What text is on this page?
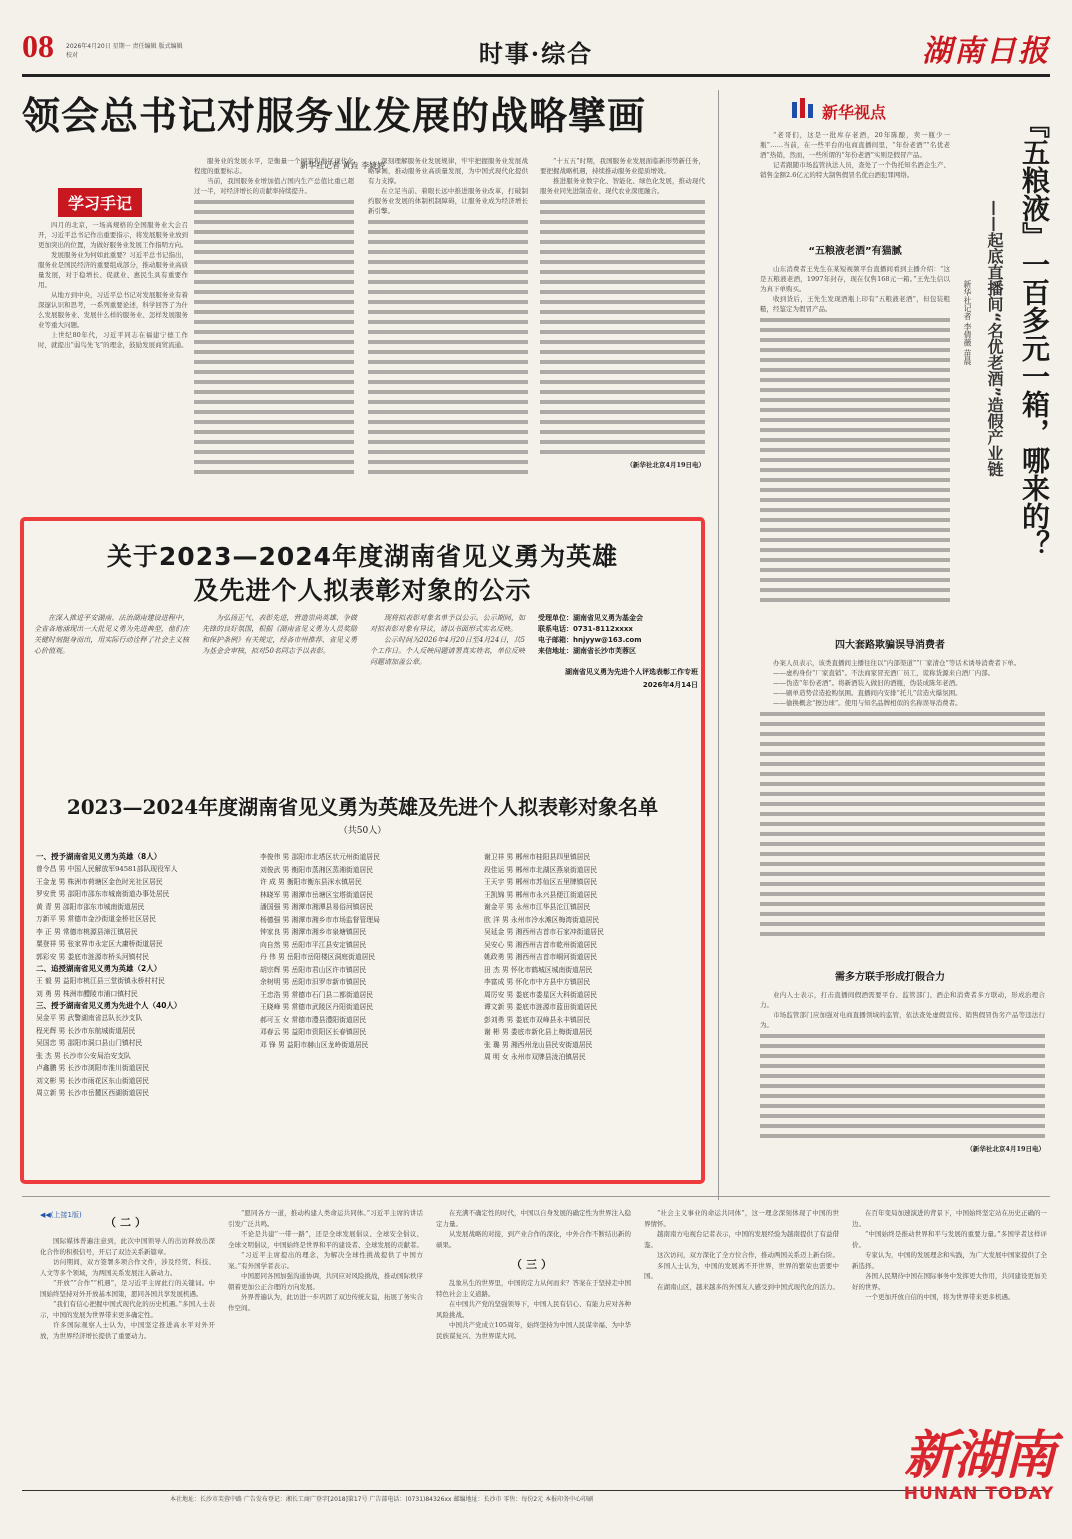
08 2026年4月20日 星期一 责任编辑 版式编辑 校对	时事·综合	湖南日报
领会总书记对服务业发展的战略擘画
新华社记者 黄垚 李婕婷
学习手记

四月的北京，一场高规格的全国服务业大会召开，习近平总书记作出重要指示，将发展服务业放到更加突出的位置，为做好服务业发展工作指明方向。

发展服务业为何如此重要？习近平总书记指出，服务业是国民经济的重要组成部分，推动服务业高质量发展，对于稳增长、促就业、惠民生具有重要作用。

从地方到中央，习近平总书记对发展服务业有着深邃认识和思考，一系列重要论述，科学回答了为什么发展服务业、发展什么样的服务业、怎样发展服务业等重大问题。

上世纪80年代，习近平同志在福建宁德工作时，就提出“弱鸟先飞”的理念，鼓励发展商贸流通。

服务业的发展水平，是衡量一个国家和地区现代化程度的重要标志。

当前，我国服务业增加值占国内生产总值比重已超过一半，对经济增长的贡献率持续提升。

深刻理解服务业发展规律，牢牢把握服务业发展战略擘画，推动服务业高质量发展，为中国式现代化提供有力支撑。

在立足当前、着眼长远中推进服务业改革，打破制约服务业发展的体制机制障碍，让服务业成为经济增长新引擎。

“十五五”时期，我国服务业发展面临新形势新任务，要把握战略机遇，持续推动服务业提质增效。

推进服务业数字化、智能化、绿色化发展，推动现代服务业同先进制造业、现代农业深度融合。

（新华社北京4月19日电）

新华视点	『五粮液』一百多元一箱，哪来的？
——起底直播间“名优老酒”造假产业链
新华社记者 李倩薇 苗晨

“老哥们，这是一批库存老酒，20年陈酿，卖一瓶少一瓶”……当前，在一些平台的电商直播间里，“年份老酒”“名优老酒”热销，然而，一些所谓的“年份老酒”实则是假冒产品。

记者跟随市场监管执法人员，查处了一个伪托知名酒企生产、销售金额2.6亿元的特大制售假冒名优白酒犯罪网络。

“五粮液老酒”有猫腻

山东消费者王先生在某短视频平台直播间看到主播介绍：“这是五粮液老酒，1997年封存，现在仅售168元一箱。”王先生信以为真下单购买。

收到货后，王先生发现酒瓶上印有“五粮液老酒”，但包装粗糙，经鉴定为假冒产品。

四大套路欺骗误导消费者

办案人员表示，该类直播间主播往往以“内部渠道”“厂家清仓”等话术诱导消费者下单。

——虚构身份“厂家直销”。不法商家冒充酒厂员工，谎称货源来自酒厂内部。

——伪造“年份老酒”。将新酒装入做旧的酒瓶，伪装成陈年老酒。

——刷单造势营造抢购氛围。直播间内安排“托儿”营造火爆氛围。

——偷换概念“擦边球”。使用与知名品牌相似的名称误导消费者。

需多方联手形成打假合力

业内人士表示，打击直播间假酒需要平台、监管部门、酒企和消费者多方联动，形成治理合力。

市场监管部门应加强对电商直播领域的监管，依法查处虚假宣传、销售假冒伪劣产品等违法行为。

（新华社北京4月19日电）

关于2023—2024年度湖南省见义勇为英雄
及先进个人拟表彰对象的公示

在深入推进平安湖南、法治湖南建设进程中，全省各地涌现出一大批见义勇为先进典型，他们在关键时刻挺身而出，用实际行动诠释了社会主义核心价值观。

为弘扬正气、表彰先进，营造崇尚英雄、争做先锋的良好氛围，根据《湖南省见义勇为人员奖励和保护条例》有关规定，经各市州推荐、省见义勇为基金会审核，拟对50名同志予以表彰。

现将拟表彰对象名单予以公示。公示期间，如对拟表彰对象有异议，请以书面形式实名反映。

公示时间为2026年4月20日至4月24日，共5个工作日。个人反映问题请署真实姓名，单位反映问题请加盖公章。

受理单位：湖南省见义勇为基金会
联系电话：0731-8112xxxx
电子邮箱：hnjyyw@163.com
来信地址：湖南省长沙市芙蓉区
湖南省见义勇为先进个人评选表彰工作专班
2026年4月14日
2023—2024年度湖南省见义勇为英雄及先进个人拟表彰对象名单
（共50人）
一、授予湖南省见义勇为英雄（8人）
曾令昌 男 中国人民解放军94581部队现役军人
王金龙 男 株洲市荷塘区金色时光社区居民
罗安贵 男 邵阳市邵东市城南街道办事处居民
黄 青 男 邵阳市邵东市城南街道居民
万新平 男 常德市金沙街道金桥社区居民
李 正 男 常德市桃源县漳江镇居民
粟登祥 男 张家界市永定区大庸桥街道居民
郭彩安 男 娄底市涟源市桥头河镇村民
二、追授湖南省见义勇为英雄（2人）
王 毅 男 益阳市桃江县三堂街镇永桥村村民
刘 勇 男 株洲市醴陵市浦口镇村民
三、授予湖南省见义勇为先进个人（40人）
吴金平 男 武警湖南省总队长沙支队
程光辉 男 长沙市东航城街道居民
吴国忠 男 邵阳市洞口县山门镇村民
张 杰 男 长沙市公安局治安支队
卢鑫鹏 男 长沙市浏阳市淮川街道居民
刘文彬 男 长沙市雨花区东山街道居民
周立新 男 长沙市岳麓区西湖街道居民
李俊伟 男 邵阳市北塔区状元州街道居民
刘俊武 男 衡阳市蒸湘区蒸湘街道居民
许 成 男 衡阳市衡东县洣水镇居民
林晓军 男 湘潭市岳塘区宝塔街道居民
潘国强 男 湘潭市湘潭县易俗河镇居民
杨德强 男 湘潭市湘乡市市场监督管理局
钟家良 男 湘潭市湘乡市泉塘镇居民
向自然 男 岳阳市平江县安定镇居民
丹 伟 男 岳阳市岳阳楼区洞庭街道居民
胡宗辉 男 岳阳市君山区许市镇居民
余树明 男 岳阳市汨罗市新市镇居民
王忠浩 男 常德市石门县二都街道居民
王晓峰 男 常德市武陵区丹阳街道居民
郝可玉 女 常德市澧县澧阳街道居民
邓春云 男 益阳市资阳区长春镇居民
邓 锋 男 益阳市赫山区龙岭街道居民
谢卫祥 男 郴州市桂阳县四里镇居民
段佳运 男 郴州市北湖区燕泉街道居民
王天宇 男 郴州市苏仙区五里牌镇居民
王凯锦 男 郴州市永兴县便江街道居民
谢金平 男 永州市江华县沱江镇居民
欧 洋 男 永州市冷水滩区梅湾街道居民
吴延金 男 湘西州吉首市石家冲街道居民
吴安心 男 湘西州吉首市乾州街道居民
姚政勇 男 湘西州吉首市峒河街道居民
田 杰 男 怀化市鹤城区城南街道居民
李富成 男 怀化市中方县中方镇居民
周厉安 男 娄底市娄星区大科街道居民
谭文新 男 娄底市涟源市蓝田街道居民
彭刘勇 男 娄底市双峰县永丰镇居民
谢 彬 男 娄底市新化县上梅街道居民
张 璐 男 湘西州龙山县民安街道居民
周 明 女 永州市双牌县泷泊镇居民
◀◀(上接1版)
（二）

国际媒体普遍注意到，此次中国领导人的出访释放出深化合作的积极信号，开启了双边关系新篇章。

访问期间，双方签署多项合作文件，涉及经贸、科技、人文等多个领域，为两国关系发展注入新动力。

“开放”“合作”“机遇”，是习近平主席此行的关键词。中国始终坚持对外开放基本国策，愿同各国共享发展机遇。

“我们有信心把握中国式现代化的历史机遇。”多国人士表示，中国的发展为世界带来更多确定性。

许多国际观察人士认为，中国坚定推进高水平对外开放，为世界经济增长提供了重要动力。

“愿同各方一道，推动构建人类命运共同体。”习近平主席的讲话引发广泛共鸣。

不论是共建“一带一路”，还是全球发展倡议、全球安全倡议、全球文明倡议，中国始终是世界和平的建设者、全球发展的贡献者。

“习近平主席提出的理念，为解决全球性挑战提供了中国方案。”有外国学者表示。

中国愿同各国加强沟通协调，共同应对风险挑战，推动国际秩序朝着更加公正合理的方向发展。

外界普遍认为，此访进一步巩固了双边传统友谊，拓展了务实合作空间。

在充满不确定性的时代，中国以自身发展的确定性为世界注入稳定力量。

从发展战略的对接，到产业合作的深化，中外合作不断结出新的硕果。

（三）

乱象丛生的世界里，中国的定力从何而来？答案在于坚持走中国特色社会主义道路。

在中国共产党的坚强领导下，中国人民有信心、有能力应对各种风险挑战。

中国共产党成立105周年，始终坚持为中国人民谋幸福、为中华民族谋复兴、为世界谋大同。

“社会主义事业的命运共同体”，这一理念深刻体现了中国的世界情怀。

越南南方电视台记者表示，中国的发展经验为越南提供了有益借鉴。

这次访问，双方深化了全方位合作，推动两国关系迈上新台阶。

多国人士认为，中国的发展离不开世界，世界的繁荣也需要中国。

在湖南山区，越来越多的外国友人感受到中国式现代化的活力。

在百年变局加速演进的背景下，中国始终坚定站在历史正确的一边。

“中国始终是推动世界和平与发展的重要力量。”多国学者这样评价。

专家认为，中国的发展理念和实践，为广大发展中国家提供了全新选择。

各国人民期待中国在国际事务中发挥更大作用，共同建设更加美好的世界。

一个更加开放自信的中国，将为世界带来更多机遇。

本社地址：长沙市芙蓉中路 广告发布登记：湘长工商广登字[2018]第17号 广告部电话：(0731)84326xx 邮编地址：长沙市 零售：每份2元 本报印务中心印刷
新湖南
HUNAN TODAY
